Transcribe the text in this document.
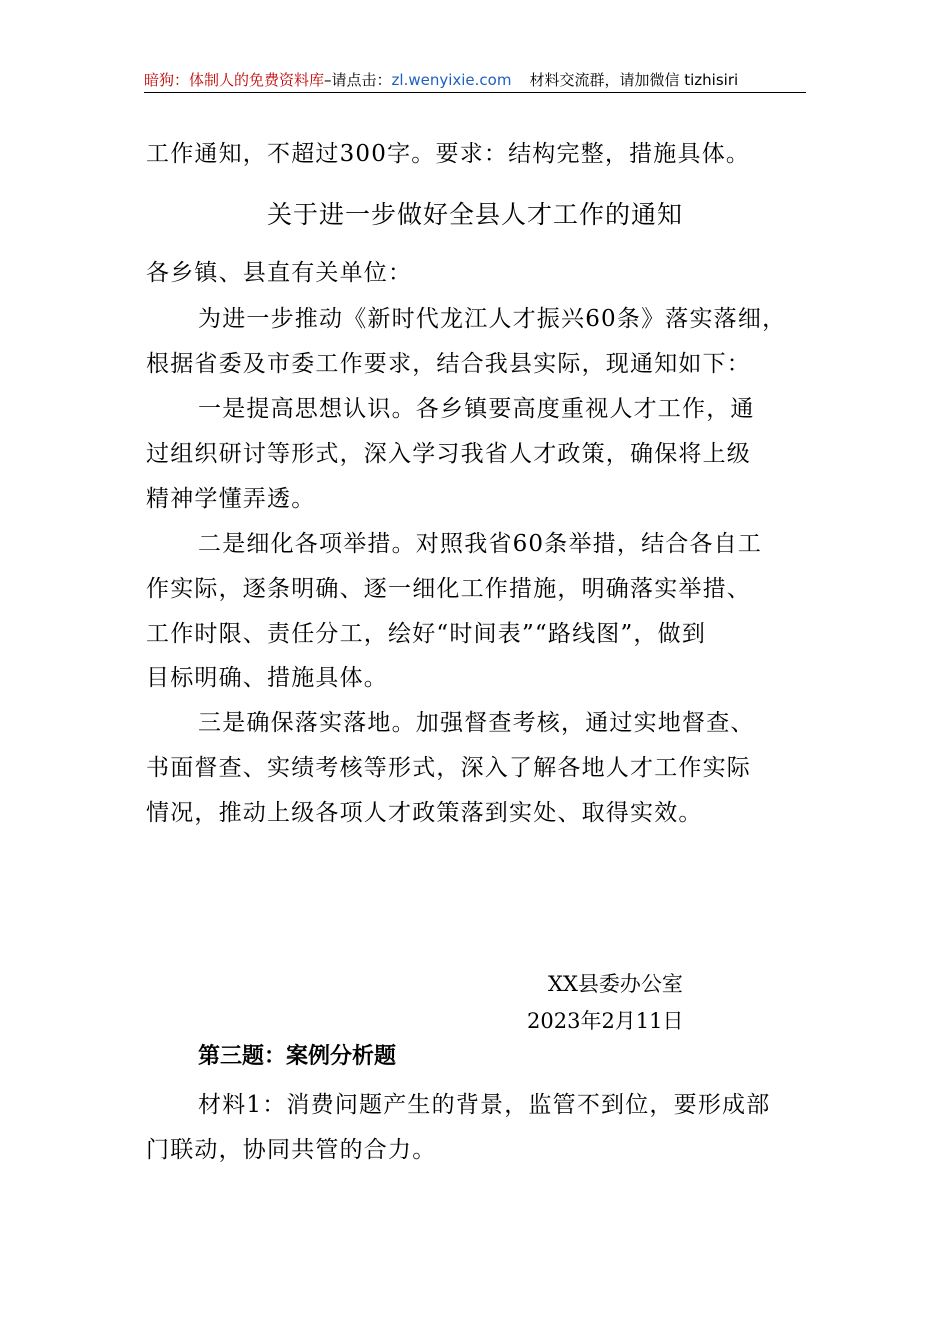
暗狗：体制人的免费资料库–请点击：zl.wenyixie.com 材料交流群，请加微信 tizhisiri
工作通知，不超过300字。要求：结构完整，措施具体。
关于进一步做好全县人才工作的通知
各乡镇、县直有关单位：
为进一步推动《新时代龙江人才振兴60条》落实落细，
根据省委及市委工作要求，结合我县实际，现通知如下：
一是提高思想认识。各乡镇要高度重视人才工作，通
过组织研讨等形式，深入学习我省人才政策，确保将上级
精神学懂弄透。
二是细化各项举措。对照我省60条举措，结合各自工
作实际，逐条明确、逐一细化工作措施，明确落实举措、
工作时限、责任分工，绘好“时间表”“路线图”，做到
目标明确、措施具体。
三是确保落实落地。加强督查考核，通过实地督查、
书面督查、实绩考核等形式，深入了解各地人才工作实际
情况，推动上级各项人才政策落到实处、取得实效。
XX县委办公室
2023年2月11日
第三题：案例分析题
材料1：消费问题产生的背景，监管不到位，要形成部
门联动，协同共管的合力。
